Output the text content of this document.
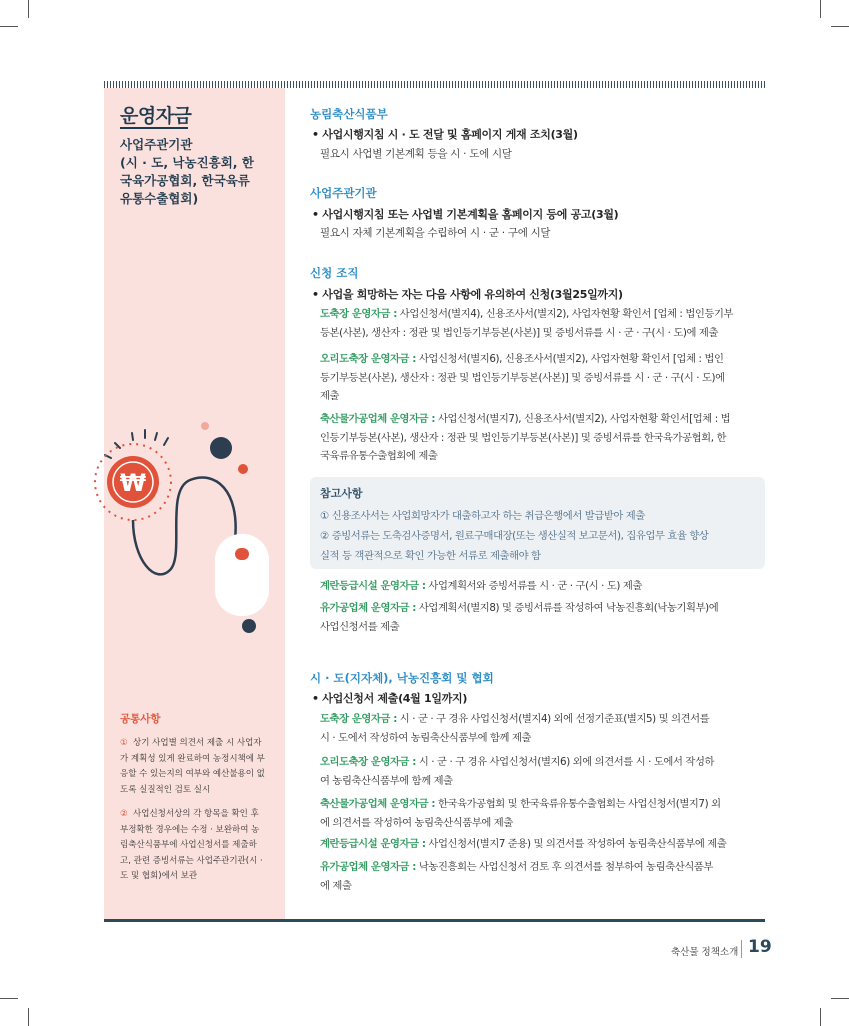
운영자금
사업주관기관
(시 · 도, 낙농진흥회, 한
국육가공협회, 한국육류
유통수출협회)
₩
공통사항
① 상기 사업별 의견서 제출 시 사업자
가 계획성 있게 완료하여 농정시책에 부
응할 수 있는지의 여부와 예산불용이 없
도록 실질적인 검토 실시
② 사업신청서상의 각 항목을 확인 후
부정확한 경우에는 수정 · 보완하여 농
림축산식품부에 사업신청서를 제출하
고, 관련 증빙서류는 사업주관기관(시 ·
도 및 협회)에서 보관
농림축산식품부
• 사업시행지침 시 · 도 전달 및 홈페이지 게재 조치(3월)
필요시 사업별 기본계획 등을 시 · 도에 시달
사업주관기관
• 사업시행지침 또는 사업별 기본계획을 홈페이지 등에 공고(3월)
필요시 자체 기본계획을 수립하여 시 · 군 · 구에 시달
신청 조직
• 사업을 희망하는 자는 다음 사항에 유의하여 신청(3월25일까지)
도축장 운영자금 : 사업신청서(별지4), 신용조사서(별지2), 사업자현황 확인서 [업체 : 법인등기부
등본(사본), 생산자 : 정관 및 법인등기부등본(사본)] 및 증빙서류를 시 · 군 · 구(시 · 도)에 제출
오리도축장 운영자금 : 사업신청서(별지6), 신용조사서(별지2), 사업자현황 확인서 [업체 : 법인
등기부등본(사본), 생산자 : 정관 및 법인등기부등본(사본)] 및 증빙서류를 시 · 군 · 구(시 · 도)에
제출
축산물가공업체 운영자금 : 사업신청서(별지7), 신용조사서(별지2), 사업자현황 확인서[업체 : 법
인등기부등본(사본), 생산자 : 정관 및 법인등기부등본(사본)] 및 증빙서류를 한국육가공협회, 한
국육류유통수출협회에 제출
참고사항
① 신용조사서는 사업희망자가 대출하고자 하는 취급은행에서 발급받아 제출
② 증빙서류는 도축검사증명서, 원료구매대장(또는 생산실적 보고문서), 집유업무 효율 향상
실적 등 객관적으로 확인 가능한 서류로 제출해야 함
계란등급시설 운영자금 : 사업계획서와 증빙서류를 시 · 군 · 구(시 · 도) 제출
유가공업체 운영자금 : 사업계획서(별지8) 및 증빙서류를 작성하여 낙농진흥회(낙농기획부)에
사업신청서를 제출
시 · 도(지자체), 낙농진흥회 및 협회
• 사업신청서 제출(4월 1일까지)
도축장 운영자금 : 시 · 군 · 구 경유 사업신청서(별지4) 외에 선정기준표(별지5) 및 의견서를
시 · 도에서 작성하여 농림축산식품부에 함께 제출
오리도축장 운영자금 : 시 · 군 · 구 경유 사업신청서(별지6) 외에 의견서를 시 · 도에서 작성하
여 농림축산식품부에 함께 제출
축산물가공업체 운영자금 : 한국육가공협회 및 한국육류유통수출협회는 사업신청서(별지7) 외
에 의견서를 작성하여 농림축산식품부에 제출
계란등급시설 운영자금 : 사업신청서(별지7 준용) 및 의견서를 작성하여 농림축산식품부에 제출
유가공업체 운영자금 : 낙농진흥회는 사업신청서 검토 후 의견서를 첨부하여 농림축산식품부
에 제출
축산물 정책소개 19
